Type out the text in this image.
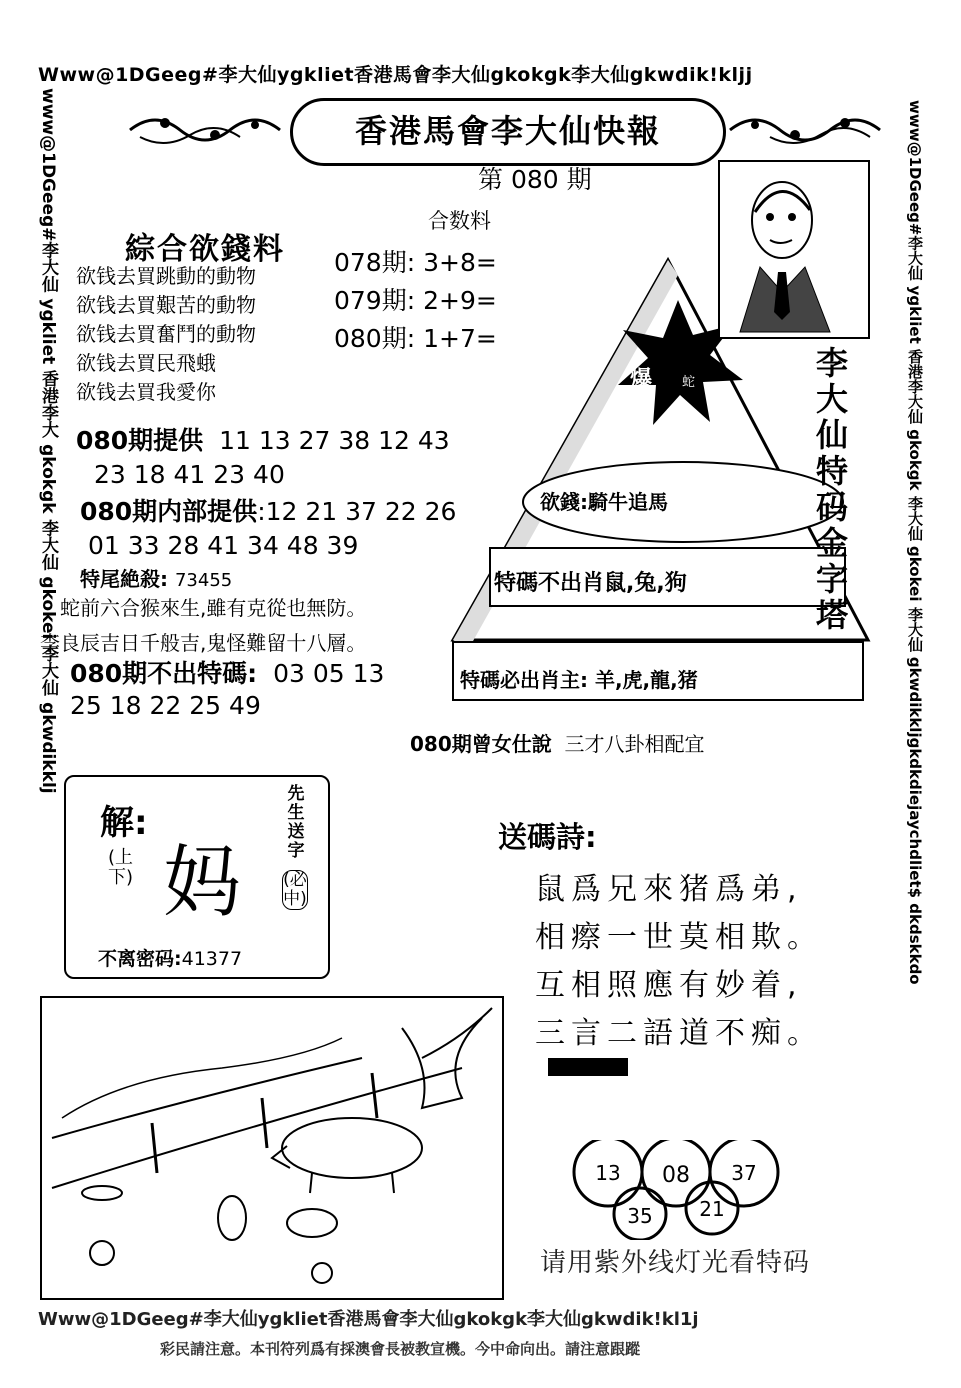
Www@1DGeeg#李大仙ygkliet香港馬會李大仙gkokgk李大仙gkwdik!kljj
Www@1DGeeg#李大仙ygkliet香港馬會李大仙gkokgk李大仙gkwdik!kl1j
彩民請注意。本刊符列爲有採澳會長被教宣機。今中命向出。請注意跟蹤
www@1DGeeg#李大仙 ygkliet 香港李大 gkokgk 李大仙 gkokei 李大仙 gkwdikklj	www@1DGeeg#李大仙 ygkliet 香港李大仙 gkokgk 李大仙 gkokei 李大仙 gkwdikkljgkdkdiejaychdliet$ dkdskkdo
香港馬會李大仙快報
第 080 期
合数料
078期: 3+8=
079期: 2+9=
080期: 1+7=
綜合欲錢料
欲钱去買跳動的動物
欲钱去買艱苦的動物
欲钱去買奮鬥的動物
欲钱去買民飛蛾
欲钱去買我愛你
080期提供 11 13 27 38 12 43
23 18 41 23 40
080期内部提供:12 21 37 22 26
01 33 28 41 34 48 39
特尾絶殺: 73455
蛇前六合猴來生,雖有克從也無防。
李良辰吉日千般吉,鬼怪難留十八層。
080期不出特碼: 03 05 13
25 18 22 25 49
080期曾女仕說 三才八卦相配宜
爆 蛇
李大仙特码金字塔
欲錢:騎牛追馬
特碼不出肖鼠,兔,狗
特碼必出肖主: 羊,虎,龍,猪
解:
(上下) 妈
先生送字
(必中)
不离密码:41377
送碼詩:
鼠爲兄來猪爲弟,
相瘵一世莫相欺。
互相照應有妙着,
三言二語道不痴。
13 08 37
35 21
请用紫外线灯光看特码
